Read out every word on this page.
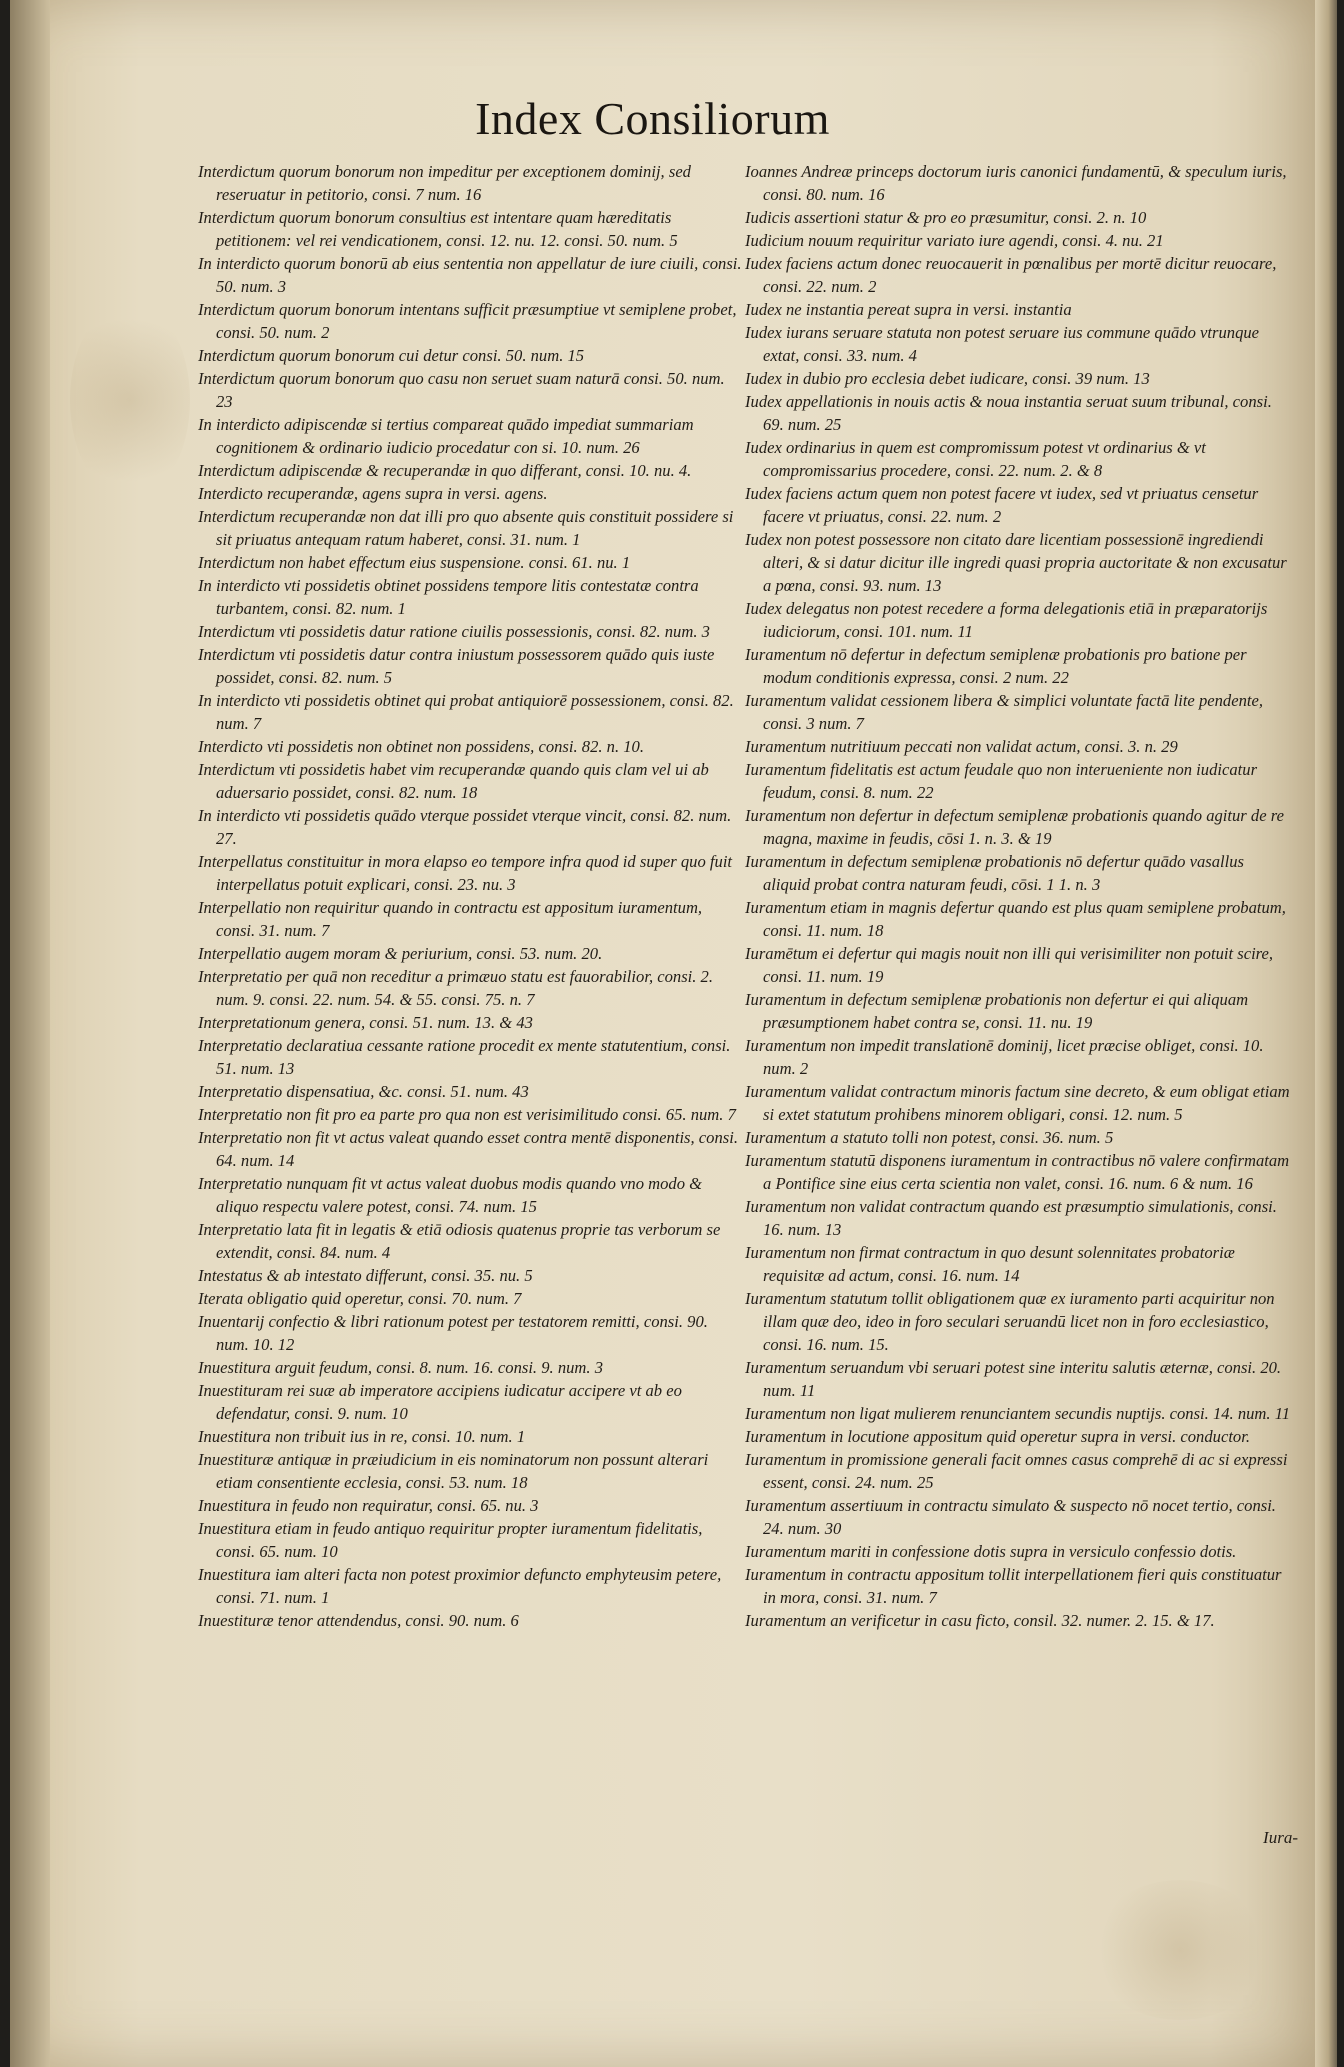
Index Consiliorum

Interdictum quorum bonorum non impeditur per exceptionem dominij, sed reseruatur in petitorio, consi. 7 num. 16

Interdictum quorum bonorum consultius est intentare quam hæreditatis petitionem: vel rei vendicationem, consi. 12. nu. 12. consi. 50. num. 5

In interdicto quorum bonorū ab eius sententia non appellatur de iure ciuili, consi. 50. num. 3

Interdictum quorum bonorum intentans sufficit præsumptiue vt semiplene probet, consi. 50. num. 2

Interdictum quorum bonorum cui detur consi. 50. num. 15

Interdictum quorum bonorum quo casu non seruet suam naturā consi. 50. num. 23

In interdicto adipiscendæ si tertius compareat quādo impediat summariam cognitionem & ordinario iudicio procedatur con si. 10. num. 26

Interdictum adipiscendæ & recuperandæ in quo differant, consi. 10. nu. 4.

Interdicto recuperandæ, agens supra in versi. agens.

Interdictum recuperandæ non dat illi pro quo absente quis constituit possidere si sit priuatus antequam ratum haberet, consi. 31. num. 1

Interdictum non habet effectum eius suspensione. consi. 61. nu. 1

In interdicto vti possidetis obtinet possidens tempore litis contestatæ contra turbantem, consi. 82. num. 1

Interdictum vti possidetis datur ratione ciuilis possessionis, consi. 82. num. 3

Interdictum vti possidetis datur contra iniustum possessorem quādo quis iuste possidet, consi. 82. num. 5

In interdicto vti possidetis obtinet qui probat antiquiorē possessionem, consi. 82. num. 7

Interdicto vti possidetis non obtinet non possidens, consi. 82. n. 10.

Interdictum vti possidetis habet vim recuperandæ quando quis clam vel ui ab aduersario possidet, consi. 82. num. 18

In interdicto vti possidetis quādo vterque possidet vterque vincit, consi. 82. num. 27.

Interpellatus constituitur in mora elapso eo tempore infra quod id super quo fuit interpellatus potuit explicari, consi. 23. nu. 3

Interpellatio non requiritur quando in contractu est appositum iuramentum, consi. 31. num. 7

Interpellatio augeт moram & periurium, consi. 53. num. 20.

Interpretatio per quā non receditur a primæuo statu est fauorabilior, consi. 2. num. 9. consi. 22. num. 54. & 55. consi. 75. n. 7

Interpretationum genera, consi. 51. num. 13. & 43

Interpretatio declaratiua cessante ratione procedit ex mente statutentium, consi. 51. num. 13

Interpretatio dispensatiua, &c. consi. 51. num. 43

Interpretatio non fit pro ea parte pro qua non est verisimilitudo consi. 65. num. 7

Interpretatio non fit vt actus valeat quando esset contra mentē disponentis, consi. 64. num. 14

Interpretatio nunquam fit vt actus valeat duobus modis quando vno modo & aliquo respectu valere potest, consi. 74. num. 15

Interpretatio lata fit in legatis & etiā odiosis quatenus proprie tas verborum se extendit, consi. 84. num. 4

Intestatus & ab intestato differunt, consi. 35. nu. 5

Iterata obligatio quid operetur, consi. 70. num. 7

Inuentarij confectio & libri rationum potest per testatorem remitti, consi. 90. num. 10. 12

Inuestitura arguit feudum, consi. 8. num. 16. consi. 9. num. 3

Inuestituram rei suæ ab imperatore accipiens iudicatur accipere vt ab eo defendatur, consi. 9. num. 10

Inuestitura non tribuit ius in re, consi. 10. num. 1

Inuestituræ antiquæ in præiudicium in eis nominatorum non possunt alterari etiam consentiente ecclesia, consi. 53. num. 18

Inuestitura in feudo non requiratur, consi. 65. nu. 3

Inuestitura etiam in feudo antiquo requiritur propter iuramentum fidelitatis, consi. 65. num. 10

Inuestitura iam alteri facta non potest proximior defuncto emphyteusim petere, consi. 71. num. 1

Inuestituræ tenor attendendus, consi. 90. num. 6

Ioannes Andreæ princeps doctorum iuris canonici fundamentū, & speculum iuris, consi. 80. num. 16

Iudicis assertioni statur & pro eo præsumitur, consi. 2. n. 10

Iudicium nouum requiritur variato iure agendi, consi. 4. nu. 21

Iudex faciens actum donec reuocauerit in pœnalibus per mortē dicitur reuocare, consi. 22. num. 2

Iudex ne instantia pereat supra in versi. instantia

Iudex iurans seruare statuta non potest seruare ius commune quādo vtrunque extat, consi. 33. num. 4

Iudex in dubio pro ecclesia debet iudicare, consi. 39 num. 13

Iudex appellationis in nouis actis & noua instantia seruat suum tribunal, consi. 69. num. 25

Iudex ordinarius in quem est compromissum potest vt ordinarius & vt compromissarius procedere, consi. 22. num. 2. & 8

Iudex faciens actum quem non potest facere vt iudex, sed vt priuatus censetur facere vt priuatus, consi. 22. num. 2

Iudex non potest possessore non citato dare licentiam possessionē ingrediendi alteri, & si datur dicitur ille ingredi quasi propria auctoritate & non excusatur a pœna, consi. 93. num. 13

Iudex delegatus non potest recedere a forma delegationis etiā in præparatorijs iudiciorum, consi. 101. num. 11

Iuramentum nō defertur in defectum semiplenæ probationis pro batione per modum conditionis expressa, consi. 2 num. 22

Iuramentum validat cessionem libera & simplici voluntate factā lite pendente, consi. 3 num. 7

Iuramentum nutritiuum peccati non validat actum, consi. 3. n. 29

Iuramentum fidelitatis est actum feudale quo non interueniente non iudicatur feudum, consi. 8. num. 22

Iuramentum non defertur in defectum semiplenæ probationis quando agitur de re magna, maxime in feudis, cōsi 1. n. 3. & 19

Iuramentum in defectum semiplenæ probationis nō defertur quādo vasallus aliquid probat contra naturam feudi, cōsi. 1 1. n. 3

Iuramentum etiam in magnis defertur quando est plus quam semiplene probatum, consi. 11. num. 18

Iuramētum ei defertur qui magis nouit non illi qui verisimiliter non potuit scire, consi. 11. num. 19

Iuramentum in defectum semiplenæ probationis non defertur ei qui aliquam præsumptionem habet contra se, consi. 11. nu. 19

Iuramentum non impedit translationē dominij, licet præcise obliget, consi. 10. num. 2

Iuramentum validat contractum minoris factum sine decreto, & eum obligat etiam si extet statutum prohibens minorem obligari, consi. 12. num. 5

Iuramentum a statuto tolli non potest, consi. 36. num. 5

Iuramentum statutū disponens iuramentum in contractibus nō valere confirmatam a Pontifice sine eius certa scientia non valet, consi. 16. num. 6 & num. 16

Iuramentum non validat contractum quando est præsumptio simulationis, consi. 16. num. 13

Iuramentum non firmat contractum in quo desunt solennitates probatoriæ requisitæ ad actum, consi. 16. num. 14

Iuramentum statutum tollit obligationem quæ ex iuramento parti acquiritur non illam quæ deo, ideo in foro seculari seruandū licet non in foro ecclesiastico, consi. 16. num. 15.

Iuramentum seruandum vbi seruari potest sine interitu salutis æternæ, consi. 20. num. 11

Iuramentum non ligat mulierem renunciantem secundis nuptijs. consi. 14. num. 11

Iuramentum in locutione appositum quid operetur supra in versi. conductor.

Iuramentum in promissione generali facit omnes casus comprehē di ac si expressi essent, consi. 24. num. 25

Iuramentum assertiuum in contractu simulato & suspecto nō nocet tertio, consi. 24. num. 30

Iuramentum mariti in confessione dotis supra in versiculo confessio dotis.

Iuramentum in contractu appositum tollit interpellationem fieri quis constituatur in mora, consi. 31. num. 7

Iuramentum an verificetur in casu ficto, consil. 32. numer. 2. 15. & 17.

Iura-
